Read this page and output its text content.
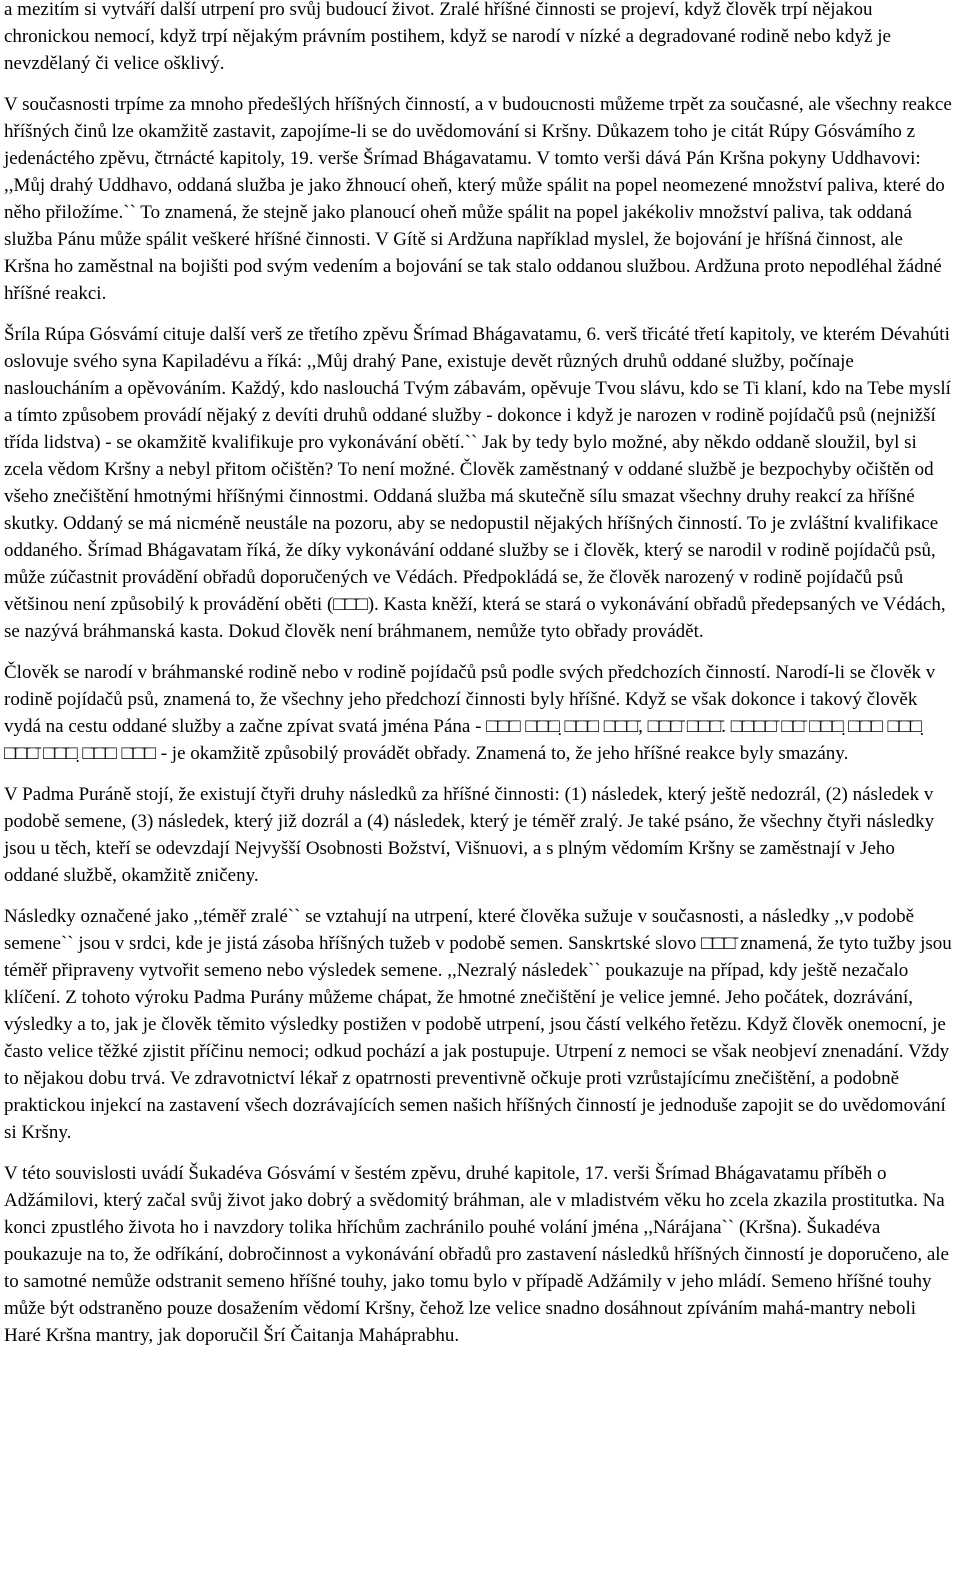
a mezitím si vytváří další utrpení pro svůj budoucí život. Zralé hříšné činnosti se projeví, když člověk trpí nějakou chronickou nemocí, když trpí nějakým právním postihem, když se narodí v nízké a degradované rodině nebo když je nevzdělaný či velice ošklivý.

V současnosti trpíme za mnoho předešlých hříšných činností, a v budoucnosti můžeme trpět za současné, ale všechny reakce hříšných činů lze okamžitě zastavit, zapojíme-li se do uvědomování si Kršny. Důkazem toho je citát Rúpy Gósvámího z jedenáctého zpěvu, čtrnácté kapitoly, 19. verše Šrímad Bhágavatamu. V tomto verši dává Pán Kršna pokyny Uddhavovi: ,,Můj drahý Uddhavo, oddaná služba je jako žhnoucí oheň, který může spálit na popel neomezené množství paliva, které do něho přiložíme.`` To znamená, že stejně jako planoucí oheň může spálit na popel jakékoliv množství paliva, tak oddaná služba Pánu může spálit veškeré hříšné činnosti. V Gítě si Ardžuna například myslel, že bojování je hříšná činnost, ale Kršna ho zaměstnal na bojišti pod svým vedením a bojování se tak stalo oddanou službou. Ardžuna proto nepodléhal žádné hříšné reakci.

Šríla Rúpa Gósvámí cituje další verš ze třetího zpěvu Šrímad Bhágavatamu, 6. verš třicáté třetí kapitoly, ve kterém Dévahúti oslovuje svého syna Kapiladévu a říká: ,,Můj drahý Pane, existuje devět různých druhů oddané služby, počínaje nasloucháním a opěvováním. Každý, kdo naslouchá Tvým zábavám, opěvuje Tvou slávu, kdo se Ti klaní, kdo na Tebe myslí a tímto způsobem provádí nějaký z devíti druhů oddané služby - dokonce i když je narozen v rodině pojídačů psů (nejnižší třída lidstva) - se okamžitě kvalifikuje pro vykonávání obětí.`` Jak by tedy bylo možné, aby někdo oddaně sloužil, byl si zcela vědom Kršny a nebyl přitom očištěn? To není možné. Člověk zaměstnaný v oddané službě je bezpochyby očištěn od všeho znečištění hmotnými hříšnými činnostmi. Oddaná služba má skutečně sílu smazat všechny druhy reakcí za hříšné skutky. Oddaný se má nicméně neustále na pozoru, aby se nedopustil nějakých hříšných činností. To je zvláštní kvalifikace oddaného. Šrímad Bhágavatam říká, že díky vykonávání oddané služby se i člověk, který se narodil v rodině pojídačů psů, může zúčastnit provádění obřadů doporučených ve Védách. Předpokládá se, že člověk narozený v rodině pojídačů psů většinou není způsobilý k provádění oběti (□̄□̄□). Kasta kněží, která se stará o vykonávání obřadů předepsaných ve Védách, se nazývá bráhmanská kasta. Dokud člověk není bráhmanem, nemůže tyto obřady provádět.

Člověk se narodí v bráhmanské rodině nebo v rodině pojídačů psů podle svých předchozích činností. Narodí-li se člověk v rodině pojídačů psů, znamená to, že všechny jeho předchozí činnosti byly hříšné. Když se však dokonce i takový člověk vydá na cestu oddané služby a začne zpívat svatá jména Pána - □̄□̄□ □̄□̄□̣ □̄□̄□ □̄□̄□̄, □̄□̄□̄ □̄□̄□̄. □̄□̄□̄□̄ □̄□̄ □̄□̄□̣ □̄□̄□ □̄□̄□̣ □̄□̄□̄ □̄□̄□̣ □̄□̄□ □̄□̄□ - je okamžitě způsobilý provádět obřady. Znamená to, že jeho hříšné reakce byly smazány.

V Padma Puráně stojí, že existují čtyři druhy následků za hříšné činnosti: (1) následek, který ještě nedozrál, (2) následek v podobě semene, (3) následek, který již dozrál a (4) následek, který je téměř zralý. Je také psáno, že všechny čtyři následky jsou u těch, kteří se odevzdají Nejvyšší Osobnosti Božství, Višnuovi, a s plným vědomím Kršny se zaměstnají v Jeho oddané službě, okamžitě zničeny.

Následky označené jako ,,téměř zralé`` se vztahují na utrpení, které člověka sužuje v současnosti, a následky ,,v podobě semene`` jsou v srdci, kde je jistá zásoba hříšných tužeb v podobě semen. Sanskrtské slovo □̄□̄□̄ znamená, že tyto tužby jsou téměř připraveny vytvořit semeno nebo výsledek semene. ,,Nezralý následek`` poukazuje na případ, kdy ještě nezačalo klíčení. Z tohoto výroku Padma Purány můžeme chápat, že hmotné znečištění je velice jemné. Jeho počátek, dozrávání, výsledky a to, jak je člověk těmito výsledky postižen v podobě utrpení, jsou částí velkého řetězu. Když člověk onemocní, je často velice těžké zjistit příčinu nemoci; odkud pochází a jak postupuje. Utrpení z nemoci se však neobjeví znenadání. Vždy to nějakou dobu trvá. Ve zdravotnictví lékař z opatrnosti preventivně očkuje proti vzrůstajícímu znečištění, a podobně praktickou injekcí na zastavení všech dozrávajících semen našich hříšných činností je jednoduše zapojit se do uvědomování si Kršny.

V této souvislosti uvádí Šukadéva Gósvámí v šestém zpěvu, druhé kapitole, 17. verši Šrímad Bhágavatamu příběh o Adžámilovi, který začal svůj život jako dobrý a svědomitý bráhman, ale v mladistvém věku ho zcela zkazila prostitutka. Na konci zpustlého života ho i navzdory tolika hříchům zachránilo pouhé volání jména ,,Nárájana`` (Kršna). Šukadéva poukazuje na to, že odříkání, dobročinnost a vykonávání obřadů pro zastavení následků hříšných činností je doporučeno, ale to samotné nemůže odstranit semeno hříšné touhy, jako tomu bylo v případě Adžámily v jeho mládí. Semeno hříšné touhy může být odstraněno pouze dosažením vědomí Kršny, čehož lze velice snadno dosáhnout zpíváním mahá-mantry neboli Haré Kršna mantry, jak doporučil Šrí Čaitanja Maháprabhu.
